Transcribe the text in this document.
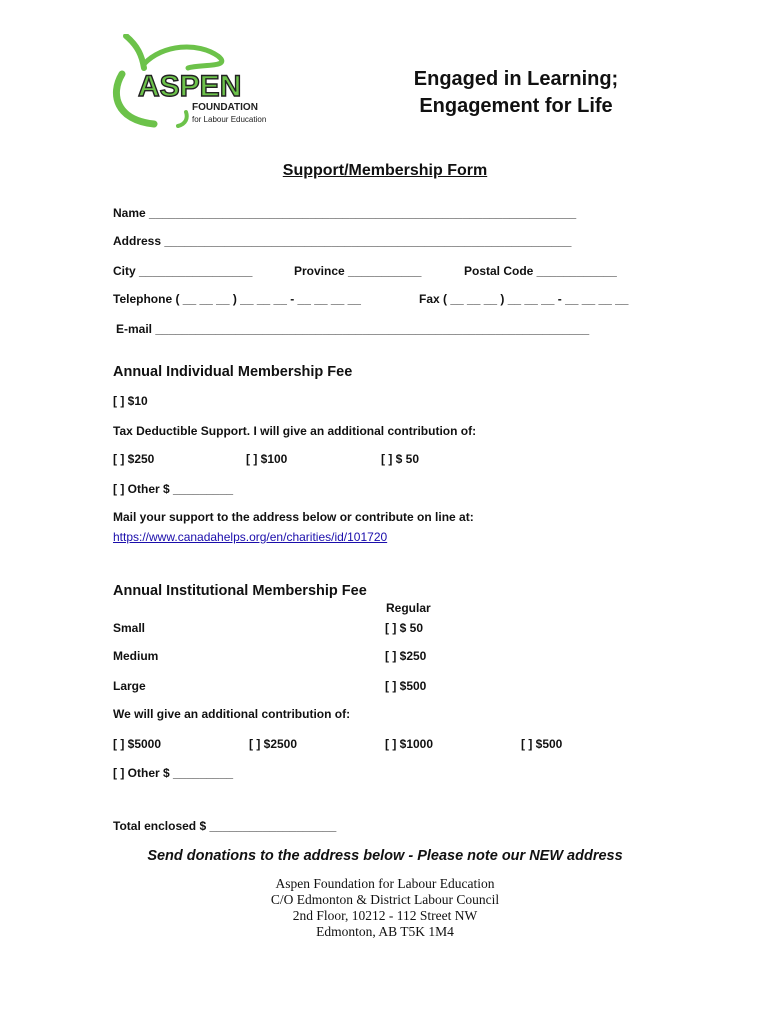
ASPEN
FOUNDATION
for Labour Education
Engaged in Learning;
Engagement for Life
Support/Membership Form
Name ________________________________________________________________
Address _____________________________________________________________
City _________________	Province ___________	Postal Code ____________
Telephone ( __ __ __ ) __ __ __ - __ __ __ __	Fax ( __ __ __ ) __ __ __ - __ __ __ __
E-mail _________________________________________________________________
Annual Individual Membership Fee
[ ] $10
Tax Deductible Support. I will give an additional contribution of:
[ ] $250	[ ] $100	[ ] $ 50
[ ] Other $ _________
Mail your support to the address below or contribute on line at:
https://www.canadahelps.org/en/charities/id/101720
Annual Institutional Membership Fee
Regular
Small	[ ] $ 50
Medium	[ ] $250
Large	[ ] $500
We will give an additional contribution of:
[ ] $5000	[ ] $2500	[ ] $1000	[ ] $500
[ ] Other $ _________
Total enclosed $ ___________________
Send donations to the address below - Please note our NEW address
Aspen Foundation for Labour Education
C/O Edmonton & District Labour Council
2nd Floor, 10212 - 112 Street NW
Edmonton, AB T5K 1M4
